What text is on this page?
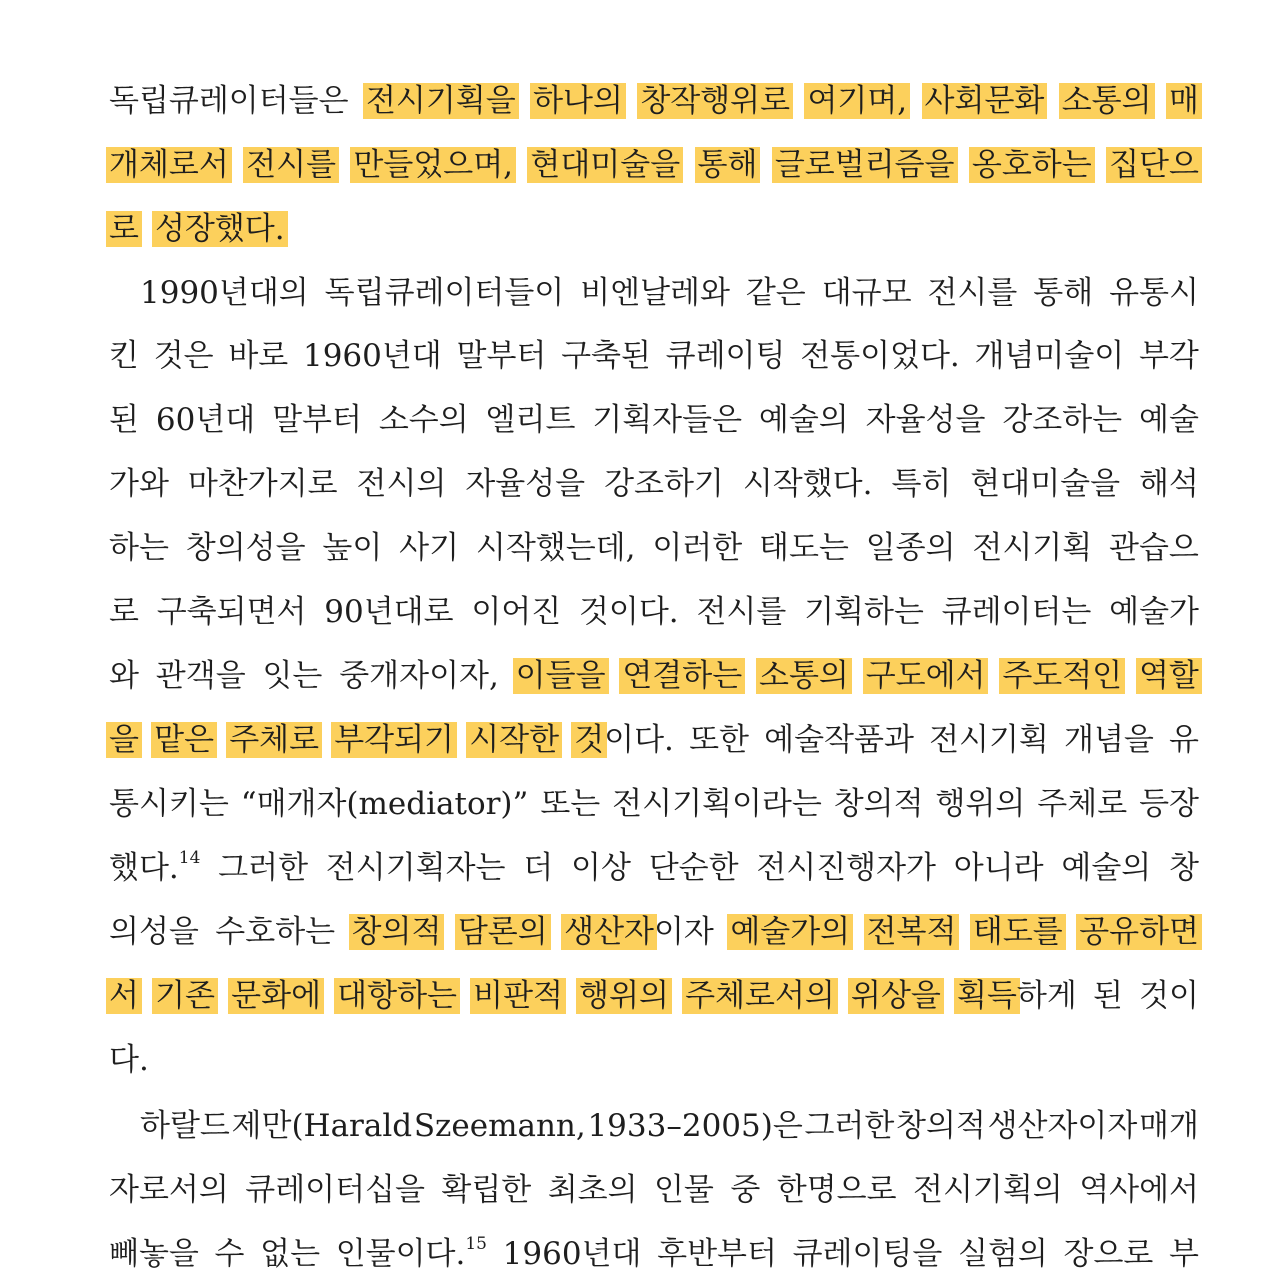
독립큐레이터들은 전시기획을 하나의 창작행위로 여기며, 사회문화 소통의 매
개체로서 전시를 만들었으며, 현대미술을 통해 글로벌리즘을 옹호하는 집단으
로 성장했다.
1990년대의 독립큐레이터들이 비엔날레와 같은 대규모 전시를 통해 유통시
킨 것은 바로 1960년대 말부터 구축된 큐레이팅 전통이었다. 개념미술이 부각
된 60년대 말부터 소수의 엘리트 기획자들은 예술의 자율성을 강조하는 예술
가와 마찬가지로 전시의 자율성을 강조하기 시작했다. 특히 현대미술을 해석
하는 창의성을 높이 사기 시작했는데, 이러한 태도는 일종의 전시기획 관습으
로 구축되면서 90년대로 이어진 것이다. 전시를 기획하는 큐레이터는 예술가
와 관객을 잇는 중개자이자, 이들을 연결하는 소통의 구도에서 주도적인 역할
을 맡은 주체로 부각되기 시작한 것이다. 또한 예술작품과 전시기획 개념을 유
통시키는 “매개자(mediator)” 또는 전시기획이라는 창의적 행위의 주체로 등장
했다.$^{14}$ 그러한 전시기획자는 더 이상 단순한 전시진행자가 아니라 예술의 창
의성을 수호하는 창의적 담론의 생산자이자 예술가의 전복적 태도를 공유하면
서 기존 문화에 대항하는 비판적 행위의 주체로서의 위상을 획득하게 된 것이
다.
하랄드 제만(Harald Szeemann, 1933–2005)은 그러한 창의적 생산자이자 매개
자로서의 큐레이터십을 확립한 최초의 인물 중 한명으로 전시기획의 역사에서
빼놓을 수 없는 인물이다.$^{15}$ 1960년대 후반부터 큐레이팅을 실험의 장으로 부
